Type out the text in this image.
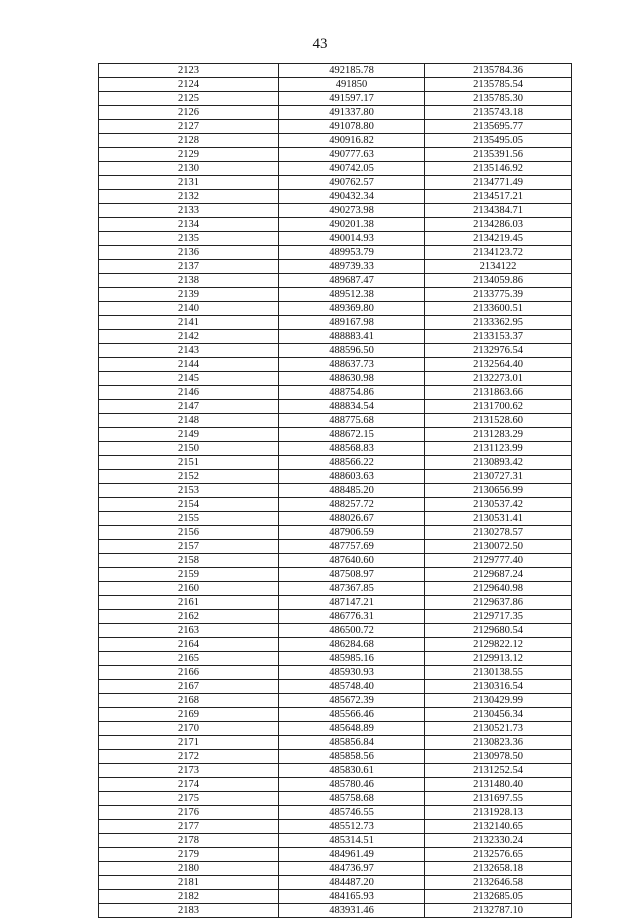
43
2123	492185.78	2135784.36
2124	491850	2135785.54
2125	491597.17	2135785.30
2126	491337.80	2135743.18
2127	491078.80	2135695.77
2128	490916.82	2135495.05
2129	490777.63	2135391.56
2130	490742.05	2135146.92
2131	490762.57	2134771.49
2132	490432.34	2134517.21
2133	490273.98	2134384.71
2134	490201.38	2134286.03
2135	490014.93	2134219.45
2136	489953.79	2134123.72
2137	489739.33	2134122
2138	489687.47	2134059.86
2139	489512.38	2133775.39
2140	489369.80	2133600.51
2141	489167.98	2133362.95
2142	488883.41	2133153.37
2143	488596.50	2132976.54
2144	488637.73	2132564.40
2145	488630.98	2132273.01
2146	488754.86	2131863.66
2147	488834.54	2131700.62
2148	488775.68	2131528.60
2149	488672.15	2131283.29
2150	488568.83	2131123.99
2151	488566.22	2130893.42
2152	488603.63	2130727.31
2153	488485.20	2130656.99
2154	488257.72	2130537.42
2155	488026.67	2130531.41
2156	487906.59	2130278.57
2157	487757.69	2130072.50
2158	487640.60	2129777.40
2159	487508.97	2129687.24
2160	487367.85	2129640.98
2161	487147.21	2129637.86
2162	486776.31	2129717.35
2163	486500.72	2129680.54
2164	486284.68	2129822.12
2165	485985.16	2129913.12
2166	485930.93	2130138.55
2167	485748.40	2130316.54
2168	485672.39	2130429.99
2169	485566.46	2130456.34
2170	485648.89	2130521.73
2171	485856.84	2130823.36
2172	485858.56	2130978.50
2173	485830.61	2131252.54
2174	485780.46	2131480.40
2175	485758.68	2131697.55
2176	485746.55	2131928.13
2177	485512.73	2132140.65
2178	485314.51	2132330.24
2179	484961.49	2132576.65
2180	484736.97	2132658.18
2181	484487.20	2132646.58
2182	484165.93	2132685.05
2183	483931.46	2132787.10
